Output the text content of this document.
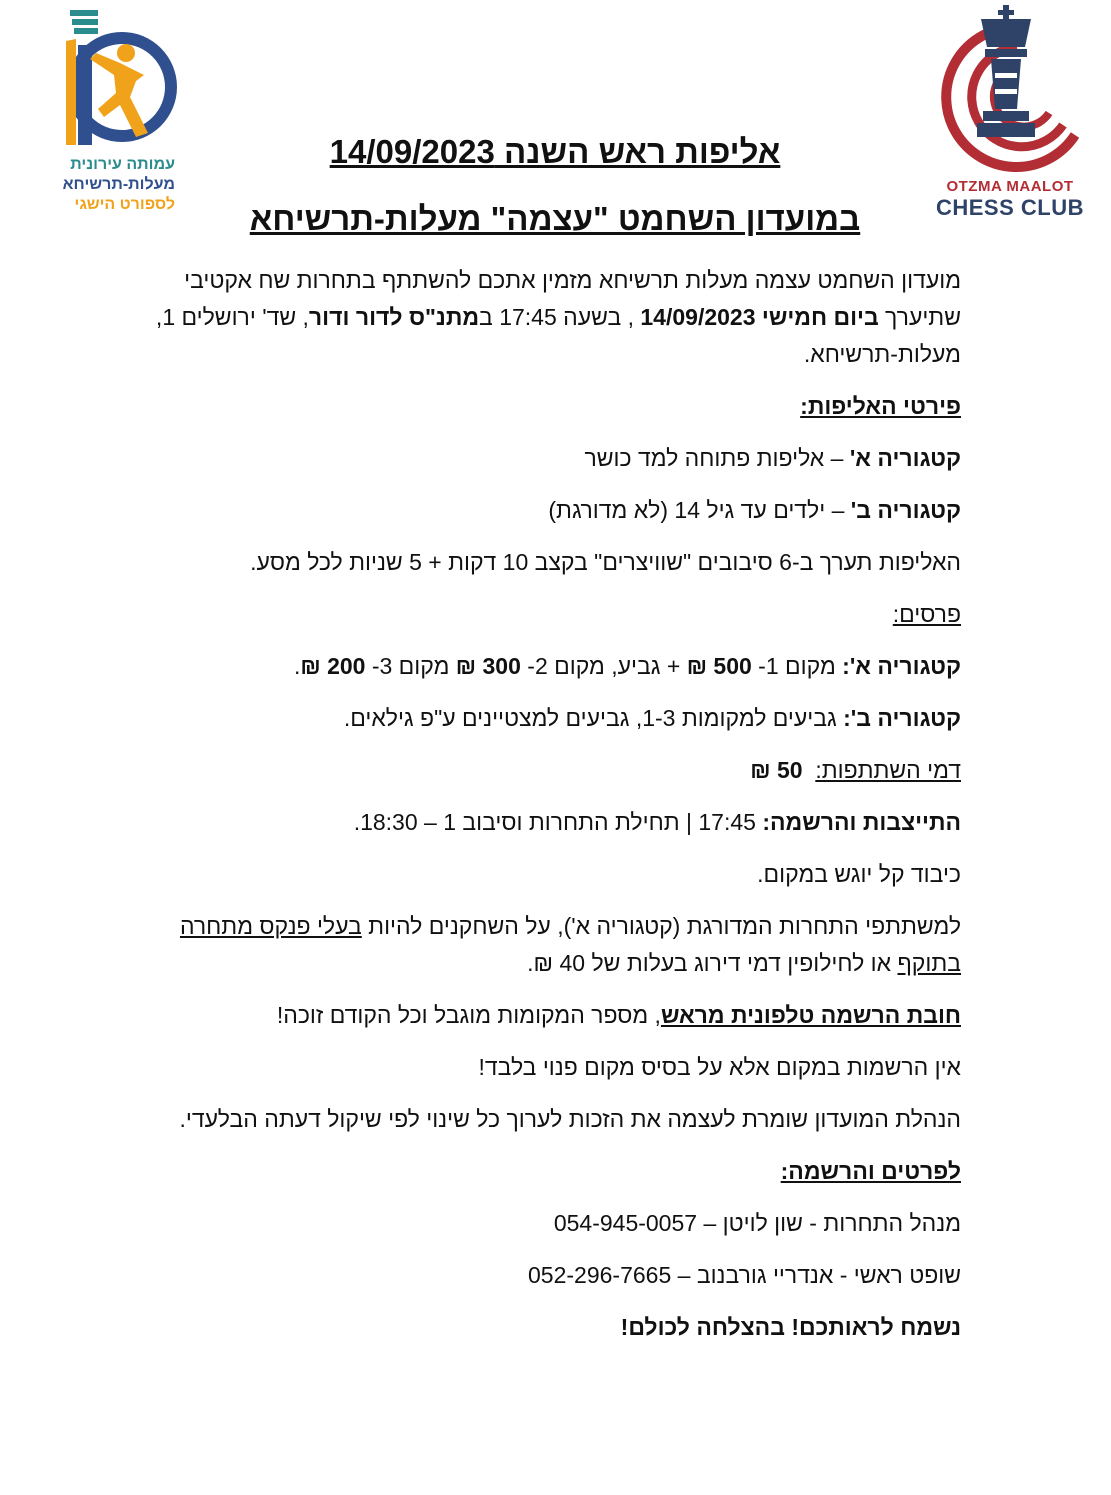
עמותה עירונית
מעלות-תרשיחא
לספורט הישגי
OTZMA MAALOT
CHESS CLUB
אליפות ראש השנה 14/09/2023
במועדון השחמט "עצמה" מעלות-תרשיחא

מועדון השחמט עצמה מעלות תרשיחא מזמין אתכם להשתתף בתחרות שח אקטיבי שתיערך ביום חמישי 14/09/2023 , בשעה 17:45 במתנ"ס לדור ודור, שד' ירושלים 1, מעלות-תרשיחא.

פירטי האליפות:

קטגוריה א' – אליפות פתוחה למד כושר

קטגוריה ב' – ילדים עד גיל 14 (לא מדורגת)

האליפות תערך ב-6 סיבובים "שוויצרים" בקצב 10 דקות + 5 שניות לכל מסע.

פרסים:

קטגוריה א': מקום 1- 500 ₪ + גביע, מקום 2- 300 ₪ מקום 3- 200 ₪.

קטגוריה ב': גביעים למקומות 1-3, גביעים למצטיינים ע"פ גילאים.

דמי השתתפות:  50 ₪

התייצבות והרשמה: 17:45 | תחילת התחרות וסיבוב 1 – 18:30.

כיבוד קל יוגש במקום.

למשתתפי התחרות המדורגת (קטגוריה א'), על השחקנים להיות בעלי פנקס מתחרה בתוקף או לחילופין דמי דירוג בעלות של 40 ₪.

חובת הרשמה טלפונית מראש, מספר המקומות מוגבל וכל הקודם זוכה!

אין הרשמות במקום אלא על בסיס מקום פנוי בלבד!

הנהלת המועדון שומרת לעצמה את הזכות לערוך כל שינוי לפי שיקול דעתה הבלעדי.

לפרטים והרשמה:

מנהל התחרות - שון לויטן – 054-945-0057

שופט ראשי - אנדריי גורבנוב – 052-296-7665

נשמח לראותכם! בהצלחה לכולם!
